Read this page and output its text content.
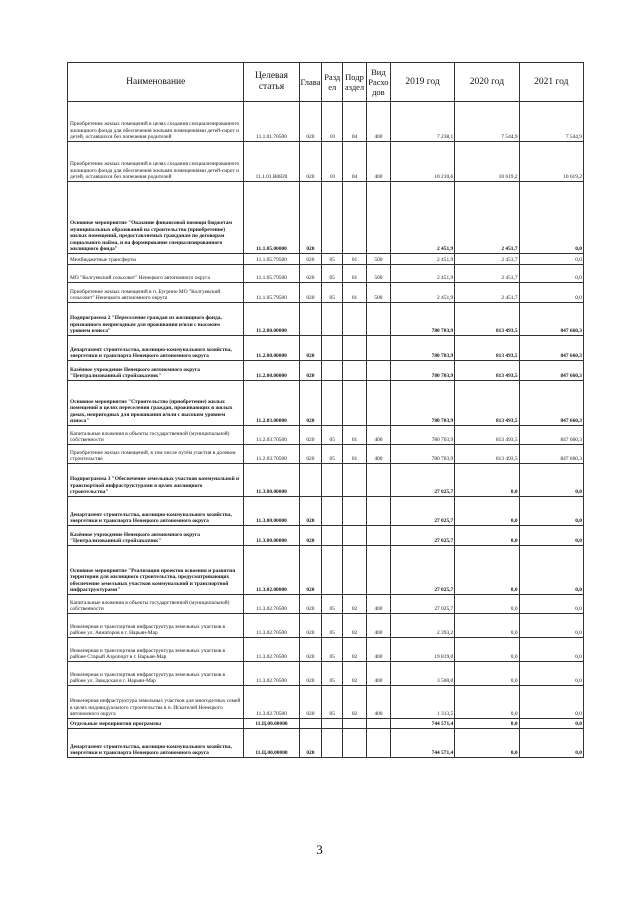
Наименование	Целевая статья	Глава	Разд ел	Подр аздел	Вид Расхо дов	2019 год	2020 год	2021 год
Приобретение жилых помещений в целях создания специализированного жилищного фонда для обеспечения жилыми помещениями детей-сирот и детей, оставшихся без попечения родителей	11.1.01.70500	020	10	04	400	7 238,1	7 544,9	7 544,9
Приобретение жилых помещений в целях создания специализированного жилищного фонда для обеспечения жилыми помещениями детей-сирот и детей, оставшихся без попечения родителей	11.1.01.R0820	020	10	04	400	10 210,6	10 619,2	10 619,2
Основное мероприятие "Оказание финансовой помощи бюджетам муниципальных образований на строительство (приобретение) жилых помещений, предоставляемых гражданам по договорам социального найма, и на формирование специализированного жилищного фонда"	11.1.05.00000	020				2 451,9	2 451,7	0,0
Межбюджетные трансферты	11.1.05.79500	020	05	01	500	2 451,9	2 451,7	0,0
МО "Колгуевский сельсовет" Ненецкого автономного округа	11.1.05.79500	020	05	01	500	2 451,9	2 451,7	0,0
Приобретение жилых помещений в п. Бугрино МО "Колгуевский сельсовет" Ненецкого автономного округа	11.1.05.79500	020	05	01	500	2 451,9	2 451,7	0,0
Подпрограмма 2 "Переселение граждан из жилищного фонда, признанного непригодным для проживания и/или с высоким уровнем износа"	11.2.00.00000					780 703,9	813 493,5	847 660,3
Департамент строительства, жилищно-коммунального хозяйства, энергетики и транспорта Ненецкого автономного округа	11.2.00.00000	020				780 703,9	813 493,5	847 660,3
Казённое учреждение Ненецкого автономного округа "Централизованный стройзаказчик"	11.2.00.00000	020				780 703,9	813 493,5	847 660,3
Основное мероприятие "Строительство (приобретение) жилых помещений в целях переселения граждан, проживающих в жилых домах, непригодных для проживания и/или с высоким уровнем износа"	11.2.03.00000	020				780 703,9	813 493,5	847 660,3
Капитальные вложения в объекты государственной (муниципальной) собственности	11.2.03.70500	020	05	01	400	780 703,9	813 493,5	847 660,3
Приобретение жилых помещений, в том числе путём участия в долевом строительстве	11.2.03.70500	020	05	01	400	780 703,9	813 493,5	847 660,3
Подпрограмма 3 "Обеспечение земельных участков коммунальной и транспортной инфраструктурами в целях жилищного строительства"	11.3.00.00000					27 025,7	0,0	0,0
Департамент строительства, жилищно-коммунального хозяйства, энергетики и транспорта Ненецкого автономного округа	11.3.00.00000	020				27 025,7	0,0	0,0
Казённое учреждение Ненецкого автономного округа "Централизованный стройзаказчик"	11.3.00.00000	020				27 025,7	0,0	0,0
Основное мероприятие "Реализация проектов освоения и развития территории для жилищного строительства, предусматривающих обеспечение земельных участков коммунальной и транспортной инфраструктурами"	11.3.02.00000	020				27 025,7	0,0	0,0
Капитальные вложения в объекты государственной (муниципальной) собственности	11.3.02.70500	020	05	02	400	27 025,7	0,0	0,0
Инженерная и транспортная инфраструктура земельных участков в районе ул. Авиаторов в г. Нарьян-Мар	11.3.02.70500	020	05	02	400	2 393,2	0,0	0,0
Инженерная и транспортная инфраструктура земельных участков в районе Старый Аэропорт в г. Нарьян-Мар	11.3.02.70500	020	05	02	400	19 819,0	0,0	0,0
Инженерная и транспортная инфраструктура земельных участков в районе ул. Заводская в г. Нарьян-Мар	11.3.02.70500	020	05	02	400	3 500,0	0,0	0,0
Инженерная инфраструктура земельных участков для многодетных семей в целях индивидуального строительства в п. Искателей Ненецкого автономного округа	11.3.02.70500	020	05	02	400	1 313,5	0,0	0,0
Отдельные мероприятия программы	11.Ц.00.00000					744 571,4	0,0	0,0
Департамент строительства, жилищно-коммунального хозяйства, энергетики и транспорта Ненецкого автономного округа	11.Ц.00.00000	020				744 571,4	0,0	0,0
3
